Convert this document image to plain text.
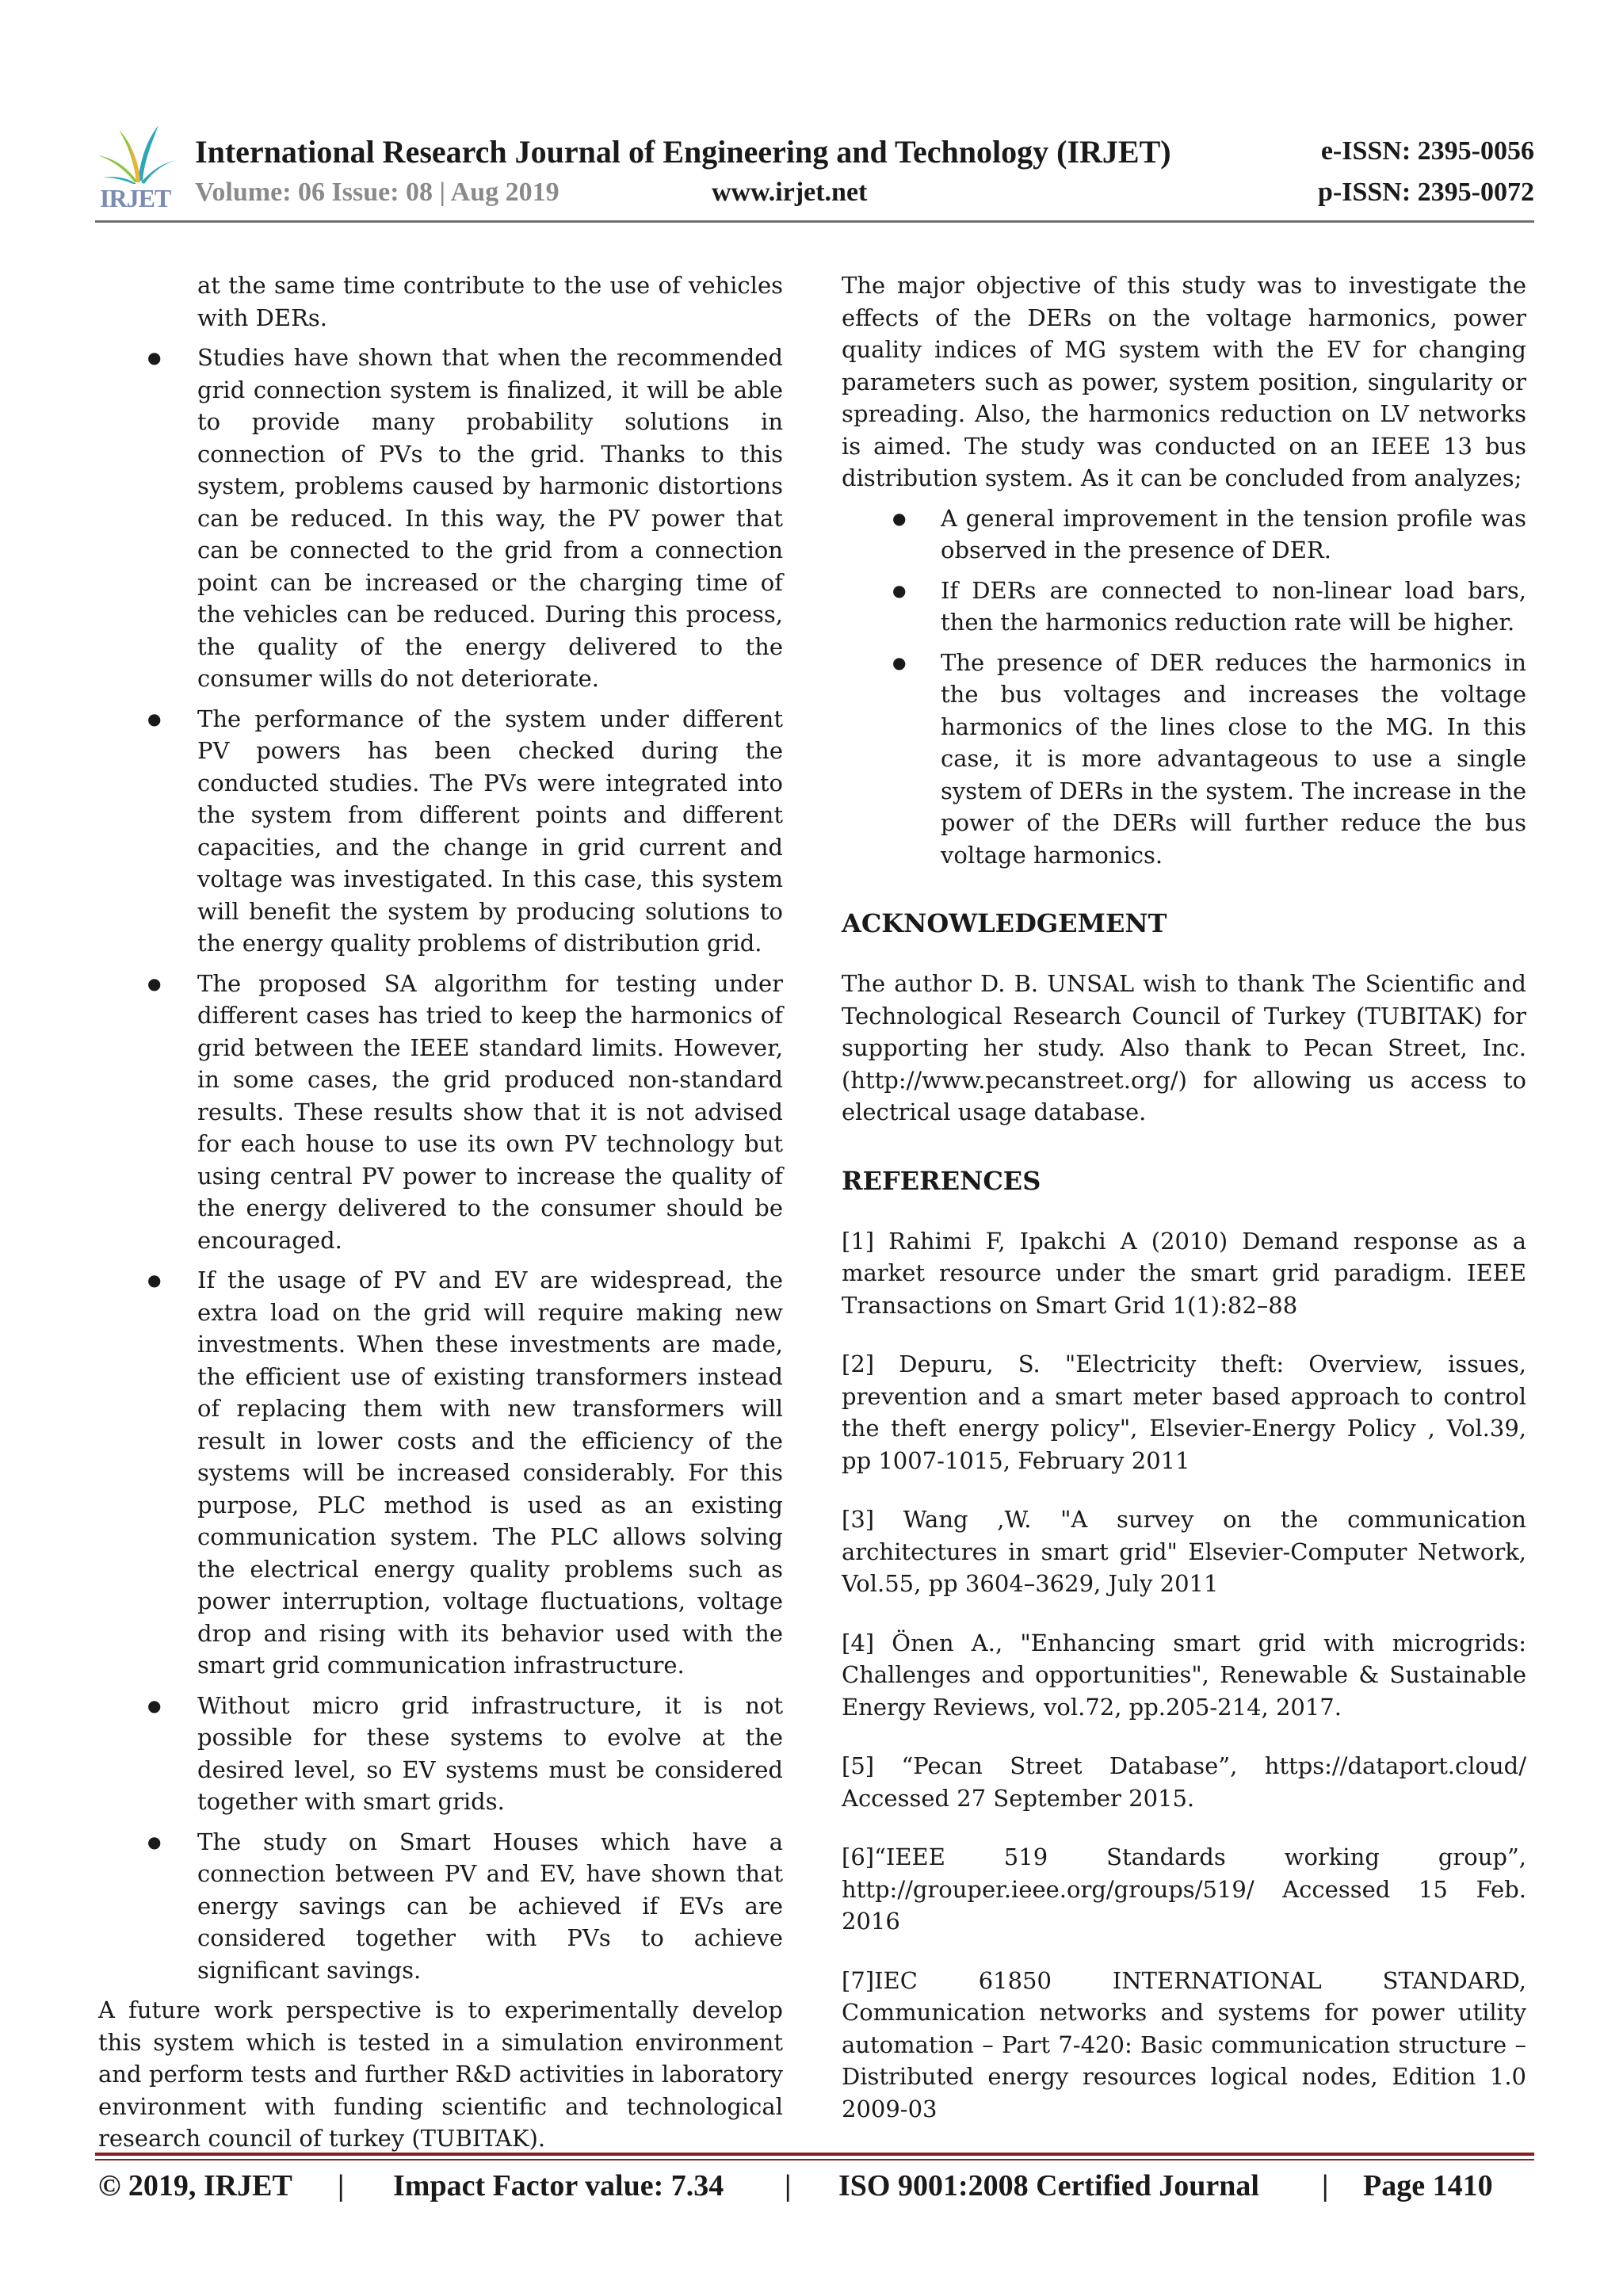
IRJET
International Research Journal of Engineering and Technology (IRJET)
Volume: 06 Issue: 08 | Aug 2019	www.irjet.net
e-ISSN: 2395-0056
p-ISSN: 2395-0072

at the same time contribute to the use of vehicles with DERs.

● Studies have shown that when the recommended grid connection system is finalized, it will be able to provide many probability solutions in connection of PVs to the grid. Thanks to this system, problems caused by harmonic distortions can be reduced. In this way, the PV power that can be connected to the grid from a connection point can be increased or the charging time of the vehicles can be reduced. During this process, the quality of the energy delivered to the consumer wills do not deteriorate.
● The performance of the system under different PV powers has been checked during the conducted studies. The PVs were integrated into the system from different points and different capacities, and the change in grid current and voltage was investigated. In this case, this system will benefit the system by producing solutions to the energy quality problems of distribution grid.
● The proposed SA algorithm for testing under different cases has tried to keep the harmonics of grid between the IEEE standard limits. However, in some cases, the grid produced non-standard results. These results show that it is not advised for each house to use its own PV technology but using central PV power to increase the quality of the energy delivered to the consumer should be encouraged.
● If the usage of PV and EV are widespread, the extra load on the grid will require making new investments. When these investments are made, the efficient use of existing transformers instead of replacing them with new transformers will result in lower costs and the efficiency of the systems will be increased considerably. For this purpose, PLC method is used as an existing communication system. The PLC allows solving the electrical energy quality problems such as power interruption, voltage fluctuations, voltage drop and rising with its behavior used with the smart grid communication infrastructure.
● Without micro grid infrastructure, it is not possible for these systems to evolve at the desired level, so EV systems must be considered together with smart grids.
● The study on Smart Houses which have a connection between PV and EV, have shown that energy savings can be achieved if EVs are considered together with PVs to achieve significant savings.

A future work perspective is to experimentally develop this system which is tested in a simulation environment and perform tests and further R&D activities in laboratory environment with funding scientific and technological research council of turkey (TUBITAK).

The major objective of this study was to investigate the effects of the DERs on the voltage harmonics, power quality indices of MG system with the EV for changing parameters such as power, system position, singularity or spreading. Also, the harmonics reduction on LV networks is aimed. The study was conducted on an IEEE 13 bus distribution system. As it can be concluded from analyzes;

● A general improvement in the tension profile was observed in the presence of DER.
● If DERs are connected to non-linear load bars, then the harmonics reduction rate will be higher.
● The presence of DER reduces the harmonics in the bus voltages and increases the voltage harmonics of the lines close to the MG. In this case, it is more advantageous to use a single system of DERs in the system. The increase in the power of the DERs will further reduce the bus voltage harmonics.
ACKNOWLEDGEMENT

The author D. B. UNSAL wish to thank The Scientific and Technological Research Council of Turkey (TUBITAK) for supporting her study. Also thank to Pecan Street, Inc. (http://www.pecanstreet.org/) for allowing us access to electrical usage database.

REFERENCES

[1] Rahimi F, Ipakchi A (2010) Demand response as a market resource under the smart grid paradigm. IEEE Transactions on Smart Grid 1(1):82–88

[2] Depuru, S. "Electricity theft: Overview, issues, prevention and a smart meter based approach to control the theft energy policy", Elsevier-Energy Policy , Vol.39, pp 1007-1015, February 2011

[3] Wang ,W. "A survey on the communication architectures in smart grid" Elsevier-Computer Network, Vol.55, pp 3604–3629, July 2011

[4] Önen A., "Enhancing smart grid with microgrids: Challenges and opportunities", Renewable & Sustainable Energy Reviews, vol.72, pp.205-214, 2017.

[5] “Pecan Street Database”, https://dataport.cloud/ Accessed 27 September 2015.

[6]“IEEE 519 Standards working group”, http://grouper.ieee.org/groups/519/ Accessed 15 Feb. 2016

[7]IEC 61850 INTERNATIONAL STANDARD, Communication networks and systems for power utility automation – Part 7-420: Basic communication structure – Distributed energy resources logical nodes, Edition 1.0 2009-03

© 2019, IRJET | Impact Factor value: 7.34 | ISO 9001:2008 Certified Journal | Page 1410
